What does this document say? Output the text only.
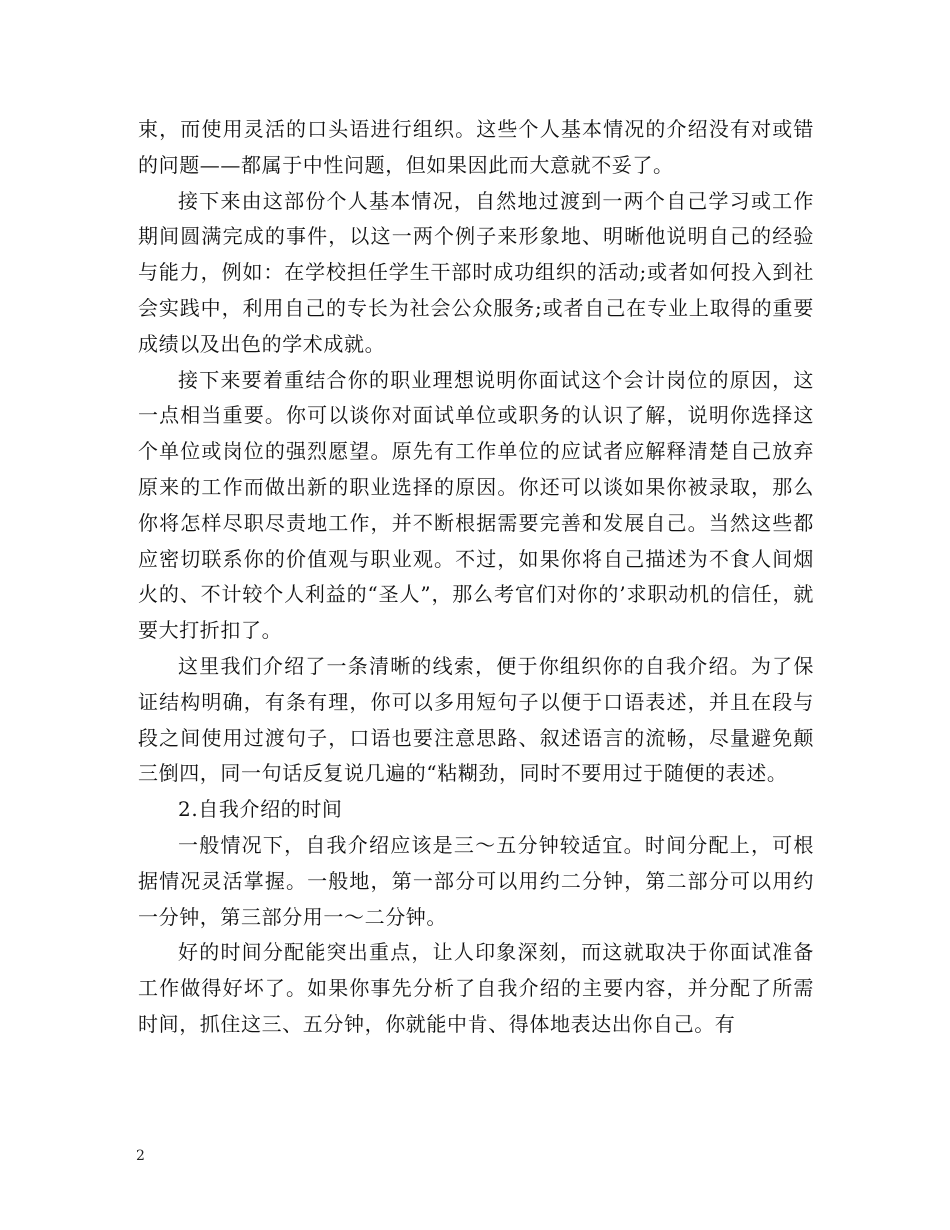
束，而使用灵活的口头语进行组织。这些个人基本情况的介绍没有对或错的问题——都属于中性问题，但如果因此而大意就不妥了。

接下来由这部份个人基本情况，自然地过渡到一两个自己学习或工作期间圆满完成的事件，以这一两个例子来形象地、明晰他说明自己的经验与能力，例如：在学校担任学生干部时成功组织的活动;或者如何投入到社会实践中，利用自己的专长为社会公众服务;或者自己在专业上取得的重要成绩以及出色的学术成就。

接下来要着重结合你的职业理想说明你面试这个会计岗位的原因，这一点相当重要。你可以谈你对面试单位或职务的认识了解，说明你选择这个单位或岗位的强烈愿望。原先有工作单位的应试者应解释清楚自己放弃原来的工作而做出新的职业选择的原因。你还可以谈如果你被录取，那么你将怎样尽职尽责地工作，并不断根据需要完善和发展自己。当然这些都应密切联系你的价值观与职业观。不过，如果你将自己描述为不食人间烟火的、不计较个人利益的“圣人”，那么考官们对你的’求职动机的信任，就要大打折扣了。

这里我们介绍了一条清晰的线索，便于你组织你的自我介绍。为了保证结构明确，有条有理，你可以多用短句子以便于口语表述，并且在段与段之间使用过渡句子，口语也要注意思路、叙述语言的流畅，尽量避免颠三倒四，同一句话反复说几遍的“粘糊劲，同时不要用过于随便的表述。

2.自我介绍的时间

一般情况下，自我介绍应该是三～五分钟较适宜。时间分配上，可根据情况灵活掌握。一般地，第一部分可以用约二分钟，第二部分可以用约一分钟，第三部分用一～二分钟。

好的时间分配能突出重点，让人印象深刻，而这就取决于你面试准备工作做得好坏了。如果你事先分析了自我介绍的主要内容，并分配了所需时间，抓住这三、五分钟，你就能中肯、得体地表达出你自己。有

2
